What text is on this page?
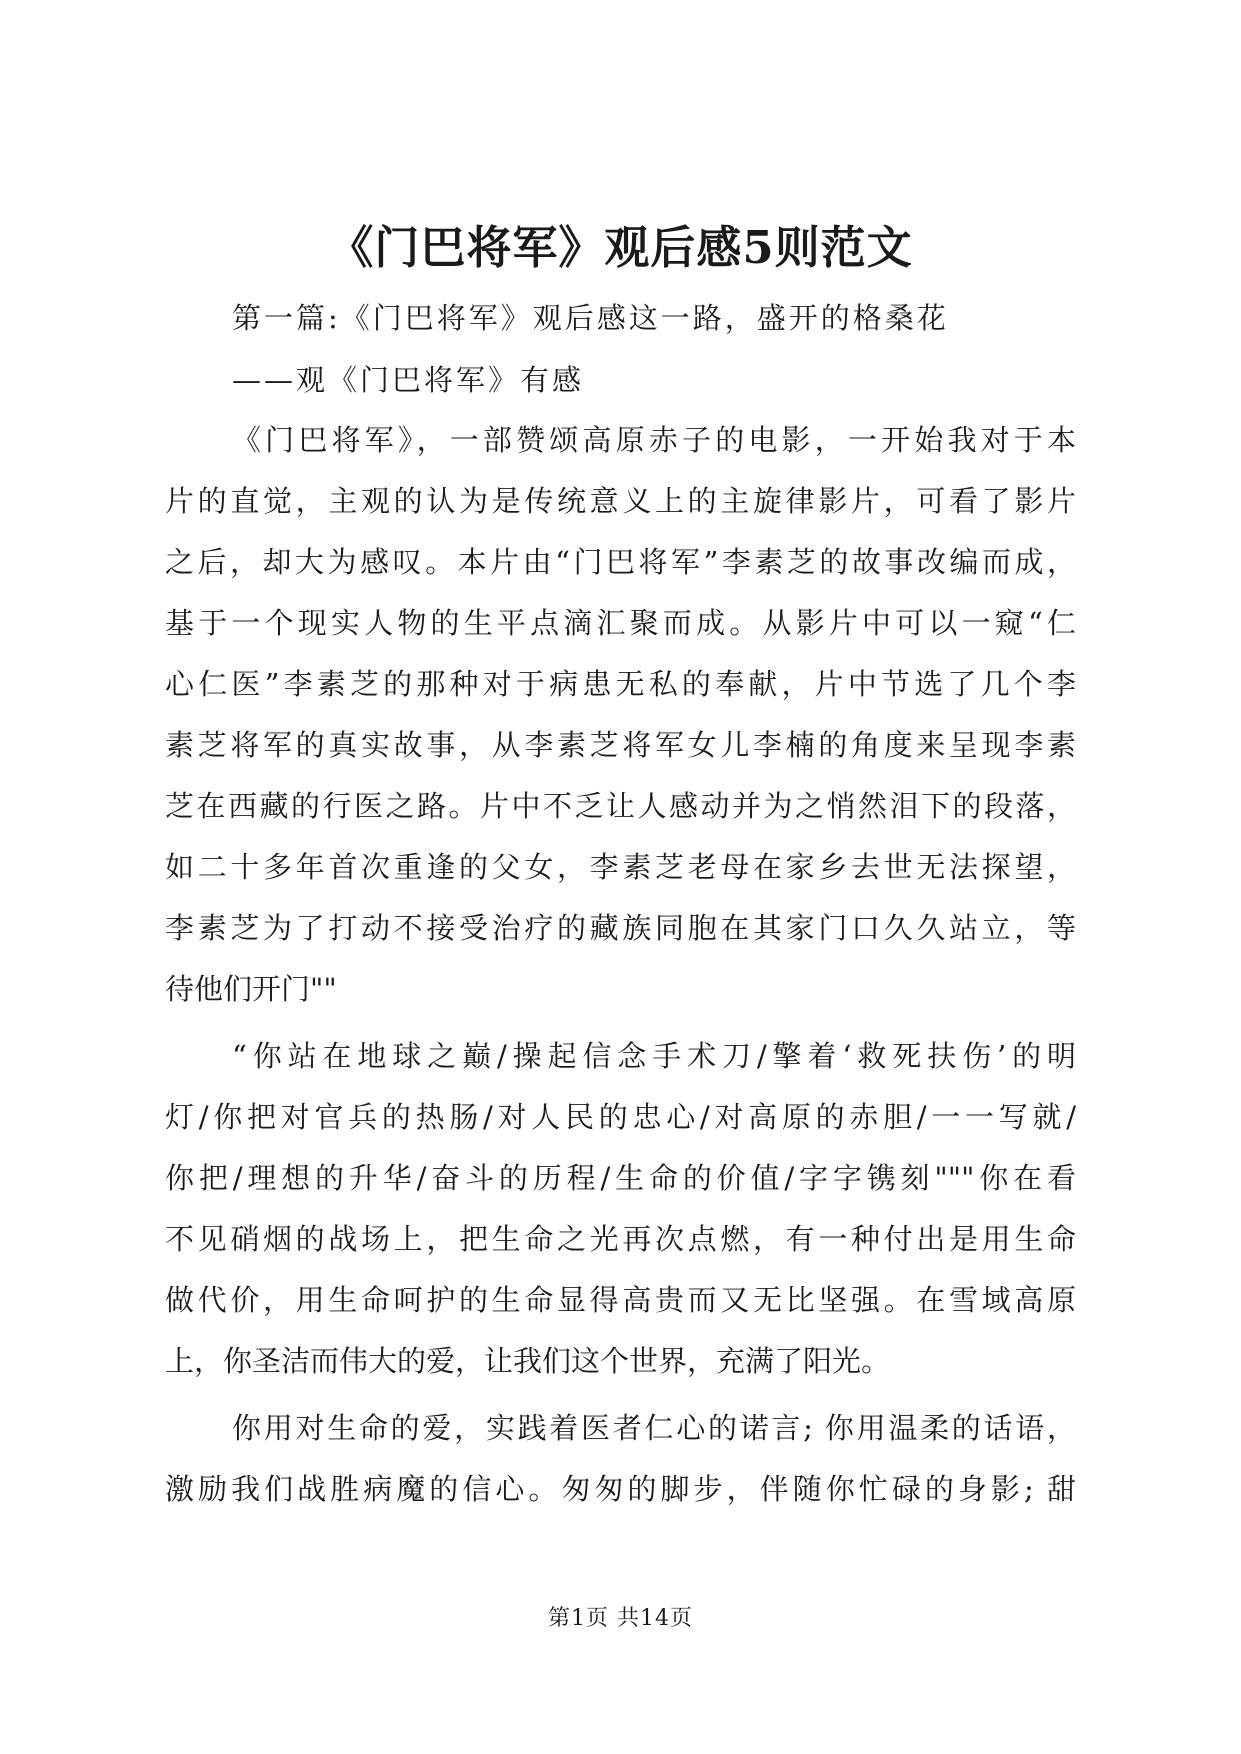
《门巴将军》观后感5则范文
第一篇:《门巴将军》观后感这一路，盛开的格桑花
——观《门巴将军》有感
《门巴将军》，一部赞颂高原赤子的电影，一开始我对于本
片的直觉，主观的认为是传统意义上的主旋律影片，可看了影片
之后，却大为感叹。本片由“门巴将军”李素芝的故事改编而成，
基于一个现实人物的生平点滴汇聚而成。从影片中可以一窥“仁
心仁医”李素芝的那种对于病患无私的奉献，片中节选了几个李
素芝将军的真实故事，从李素芝将军女儿李楠的角度来呈现李素
芝在西藏的行医之路。片中不乏让人感动并为之悄然泪下的段落，
如二十多年首次重逢的父女，李素芝老母在家乡去世无法探望，
李素芝为了打动不接受治疗的藏族同胞在其家门口久久站立，等
待他们开门""
“你站在地球之巅/操起信念手术刀/擎着‘救死扶伤’的明
灯/你把对官兵的热肠/对人民的忠心/对高原的赤胆/一一写就/
你把/理想的升华/奋斗的历程/生命的价值/字字镌刻"""你在看
不见硝烟的战场上，把生命之光再次点燃，有一种付出是用生命
做代价，用生命呵护的生命显得高贵而又无比坚强。在雪域高原
上，你圣洁而伟大的爱，让我们这个世界，充满了阳光。
你用对生命的爱，实践着医者仁心的诺言; 你用温柔的话语，
激励我们战胜病魔的信心。匆匆的脚步，伴随你忙碌的身影; 甜
第1页 共14页
